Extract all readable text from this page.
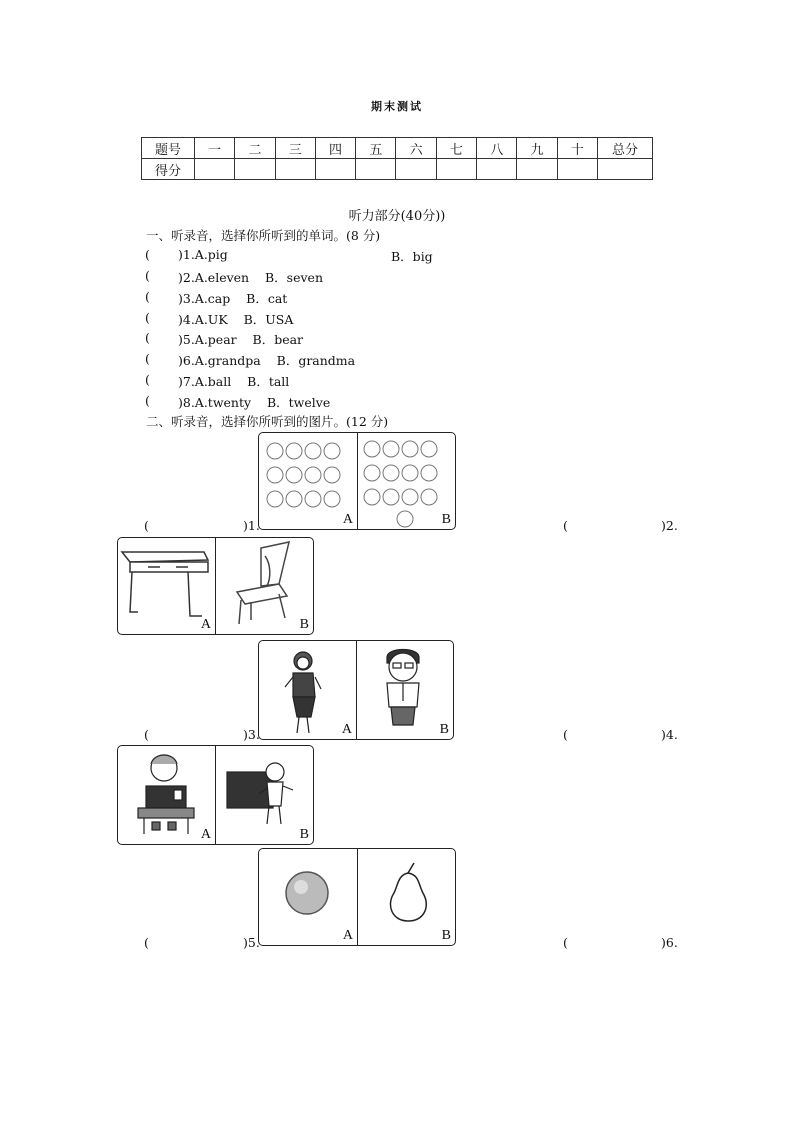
期末测试
题号	一	二	三	四	五	六	七	八	九	十	总分
得分											
听力部分(40分))
一、听录音，选择你所听到的单词。(8 分)
( )1.A.pig	B．big
( )2.A.eleven    B．seven
( )3.A.cap    B．cat
( )4.A.UK    B．USA
( )5.A.pear    B．bear
( )6.A.grandpa    B．grandma
( )7.A.ball    B．tall
( )8.A.twenty    B．twelve
二、听录音，选择你所听到的图片。(12 分)
A	B
(	)1.	(	)2.
A	B
A	B
(	)3.	(	)4.
A	B
A	B
(	)5.	(	)6.
